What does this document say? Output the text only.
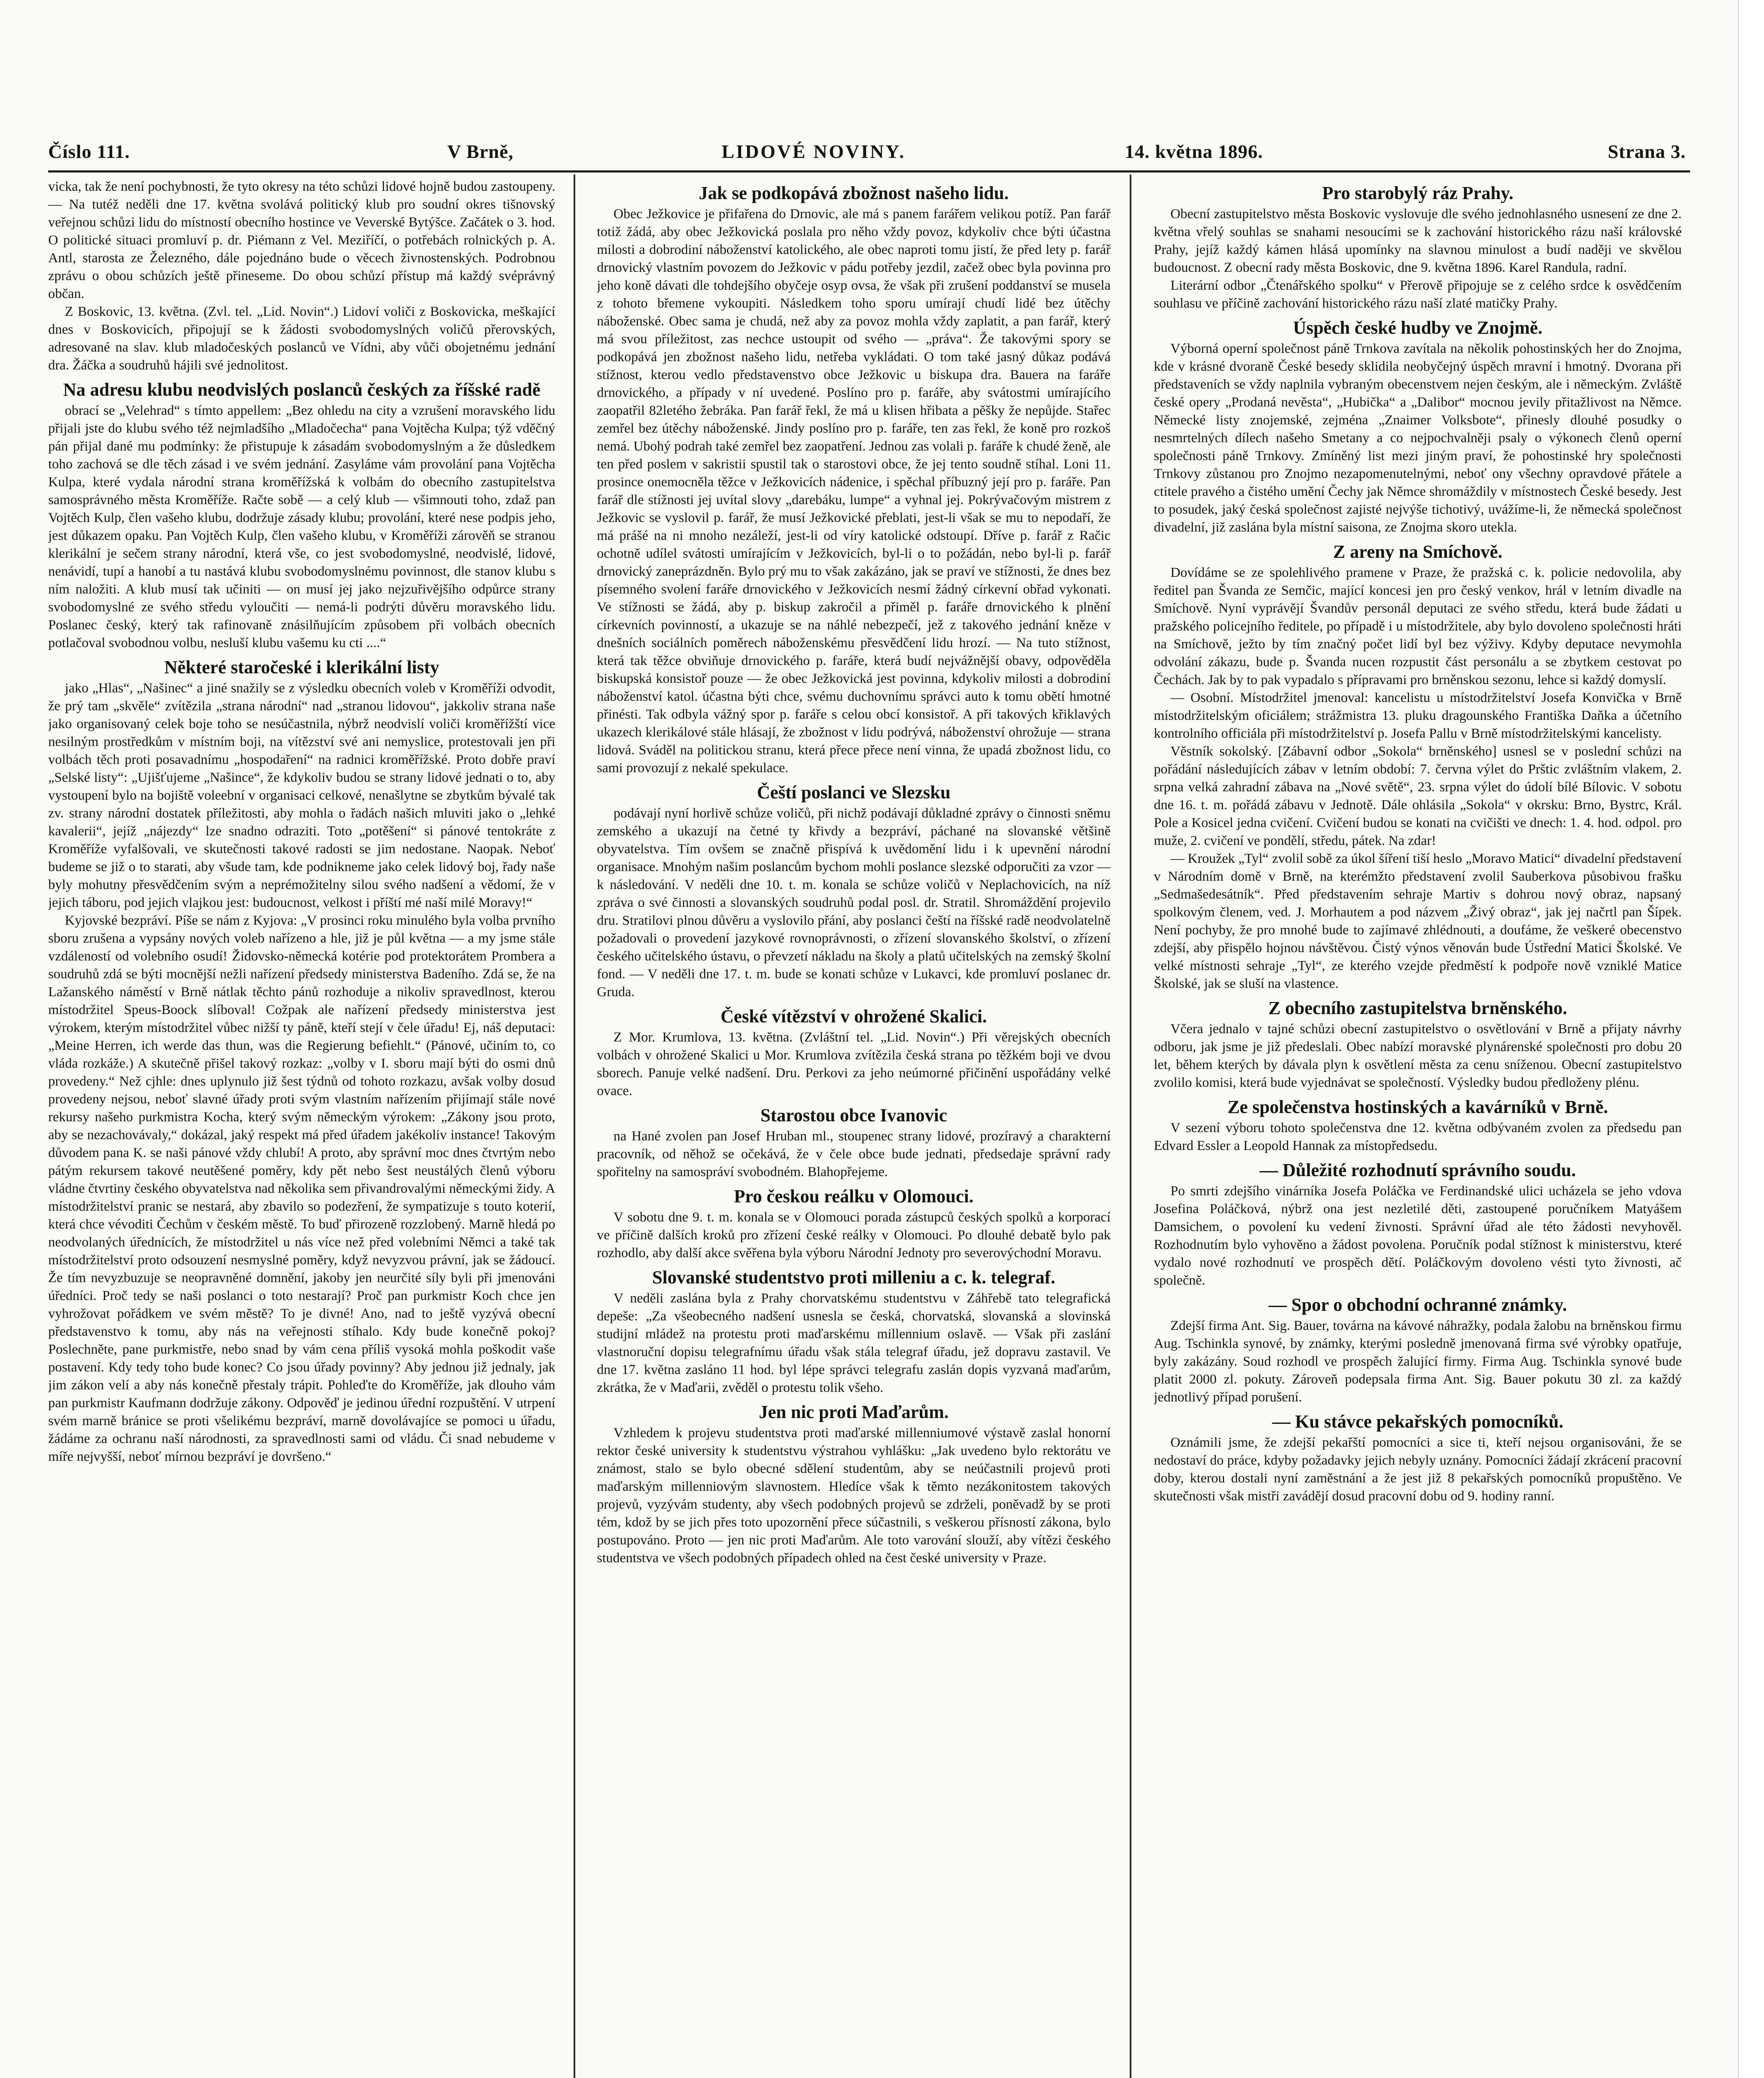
Číslo 111.	V Brně,	LIDOVÉ NOVINY.	14. května 1896.	Strana 3.

vicka, tak že není pochybnosti, že tyto okresy na této schůzi lidové hojně budou zastoupeny. — Na tutéž neděli dne 17. května svolává politický klub pro soudní okres tišnovský veřejnou schůzi lidu do místností obecního hostince ve Veverské Bytýšce. Začátek o 3. hod. O politické situaci promluví p. dr. Piémann z Vel. Meziříčí, o potřebách rolnických p. A. Antl, starosta ze Železného, dále pojednáno bude o věcech živnostenských. Podrobnou zprávu o obou schůzích ještě přineseme. Do obou schůzí přístup má každý svéprávný občan.

Z Boskovic, 13. května. (Zvl. tel. „Lid. Novin“.) Lidoví voliči z Boskovicka, meškající dnes v Boskovicích, připojují se k žádosti svobodomyslných voličů přerovských, adresované na slav. klub mladočeských poslanců ve Vídni, aby vůči obojetnému jednání dra. Žáčka a soudruhů hájili své jednolitost.

Na adresu klubu neodvislých poslanců českých za říšské radě

obrací se „Velehrad“ s tímto appellem: „Bez ohledu na city a vzrušení moravského lidu přijali jste do klubu svého též nejmladšího „Mladočecha“ pana Vojtěcha Kulpa; týž vděčný pán přijal dané mu podmínky: že přistupuje k zásadám svobodomyslným a že důsledkem toho zachová se dle těch zásad i ve svém jednání. Zasyláme vám provolání pana Vojtěcha Kulpa, které vydala národní strana kroměřížská k volbám do obecního zastupitelstva samosprávného města Kroměříže. Račte sobě — a celý klub — všimnouti toho, zdaž pan Vojtěch Kulp, člen vašeho klubu, dodržuje zásady klubu; provolání, které nese podpis jeho, jest důkazem opaku. Pan Vojtěch Kulp, člen vašeho klubu, v Kroměříži zárověň se stranou klerikální je sečem strany národní, která vše, co jest svobodomyslné, neodvislé, lidové, nenávidí, tupí a hanobí a tu nastává klubu svobodomyslnému povinnost, dle stanov klubu s ním naložiti. A klub musí tak učiniti — on musí jej jako nejzuřivějšího odpůrce strany svobodomyslné ze svého středu vyloučiti — nemá-li podrýti důvěru moravského lidu. Poslanec český, který tak rafinovaně znásilňujícím způsobem při volbách obecních potlačoval svobodnou volbu, nesluší klubu vašemu ku cti ....“

Některé staročeské i klerikální listy

jako „Hlas“, „Našinec“ a jiné snažily se z výsledku obecních voleb v Kroměříži odvodit, že prý tam „skvěle“ zvítězila „strana národní“ nad „stranou lidovou“, jakkoliv strana naše jako organisovaný celek boje toho se nesúčastnila, nýbrž neodvislí voliči kroměřížští vice nesilným prostředkům v místním boji, na vítězství své ani nemyslice, protestovali jen při volbách těch proti posavadnímu „hospodaření“ na radnici kroměřížské. Proto dobře praví „Selské listy“: „Ujišťujeme „Našince“, že kdykoliv budou se strany lidové jednati o to, aby vystoupení bylo na bojiště voleební v organisaci celkové, nenašlytne se zbytkům bývalé tak zv. strany národní dostatek příležitosti, aby mohla o řadách našich mluviti jako o „lehké kavalerii“, jejíž „nájezdy“ lze snadno odraziti. Toto „potěšení“ si pánové tentokráte z Kroměříže vyfalšovali, ve skutečnosti takové radosti se jim nedostane. Naopak. Neboť budeme se již o to starati, aby všude tam, kde podnikneme jako celek lidový boj, řady naše byly mohutny přesvědčením svým a neprémožitelny silou svého nadšení a vědomí, že v jejich táboru, pod jejich vlajkou jest: budoucnost, velkost i příští mé naší milé Moravy!“

Kyjovské bezpráví. Píše se nám z Kyjova: „V prosinci roku minulého byla volba prvního sboru zrušena a vypsány nových voleb nařízeno a hle, již je půl května — a my jsme stále vzdáleností od volebního osudí! Židovsko-německá kotérie pod protektorátem Prombera a soudruhů zdá se býti mocnější nežli nařízení předsedy ministerstva Badeního. Zdá se, že na Lažanského náměstí v Brně nátlak těchto pánů rozhoduje a nikoliv spravedlnost, kterou místodržitel Speus-Boock slíboval! Cožpak ale nařízení předsedy ministerstva jest výrokem, kterým místodržitel vůbec nižší ty páně, kteří stejí v čele úřadu! Ej, náš deputaci: „Meine Herren, ich werde das thun, was die Regierung befiehlt.“ (Pánové, učiním to, co vláda rozkáže.) A skutečně přišel takový rozkaz: „volby v I. sboru mají býti do osmi dnů provedeny.“ Než cjhle: dnes uplynulo již šest týdnů od tohoto rozkazu, avšak volby dosud provedeny nejsou, neboť slavné úřady proti svým vlastním nařízením přijímají stále nové rekursy našeho purkmistra Kocha, který svým německým výrokem: „Zákony jsou proto, aby se nezachovávaly,“ dokázal, jaký respekt má před úřadem jakékoliv instance! Takovým důvodem pana K. se naši pánové vždy chlubí! A proto, aby správní moc dnes čtvrtým nebo pátým rekursem takové neutěšené poměry, kdy pět nebo šest neustálých členů výboru vládne čtvrtiny českého obyvatelstva nad několika sem přivandrovalými německými židy. A místodržitelství pranic se nestará, aby zbavilo so podezření, že sympatizuje s touto koterií, která chce vévoditi Čechům v českém městě. To buď přirozeně rozzlobený. Marně hledá po neodvolaných úřednících, že místodržitel u nás více než před volebními Němci a také tak místodržitelství proto odsouzení nesmyslné poměry, když nevyzvou právní, jak se žádoucí. Že tím nevyzbuzuje se neopravněné domnění, jakoby jen neurčité síly byli při jmenováni úředníci. Proč tedy se naši poslanci o toto nestarají? Proč pan purkmistr Koch chce jen vyhrožovat pořádkem ve svém městě? To je divné! Ano, nad to ještě vyzývá obecní představenstvo k tomu, aby nás na veřejnosti stíhalo. Kdy bude konečně pokoj? Poslechněte, pane purkmistře, nebo snad by vám cena příliš vysoká mohla poškodit vaše postavení. Kdy tedy toho bude konec? Co jsou úřady povinny? Aby jednou již jednaly, jak jim zákon velí a aby nás konečně přestaly trápit. Pohleďte do Kroměříže, jak dlouho vám pan purkmistr Kaufmann dodržuje zákony. Odpověď je jedinou úřední rozpuštění. V utrpení svém marně bránice se proti všelikému bezpráví, marně dovolávajíce se pomoci u úřadu, žádáme za ochranu naší národnosti, za spravedlnosti sami od vládu. Či snad nebudeme v míře nejvyšší, neboť mírnou bezpráví je dovršeno.“

Jak se podkopává zbožnost našeho lidu.

Obec Ježkovice je přifařena do Drnovic, ale má s panem farářem velikou potíž. Pan farář totiž žádá, aby obec Ježkovická poslala pro něho vždy povoz, kdykoliv chce býti účastna milosti a dobrodiní náboženství katolického, ale obec naproti tomu jistí, že před lety p. farář drnovický vlastním povozem do Ježkovic v pádu potřeby jezdil, začež obec byla povinna pro jeho koně dávati dle tohdejšího obyčeje osyp ovsa, že však při zrušení poddanství se musela z tohoto břemene vykoupiti. Následkem toho sporu umírají chudí lidé bez útěchy náboženské. Obec sama je chudá, než aby za povoz mohla vždy zaplatit, a pan farář, který má svou příležitost, zas nechce ustoupit od svého — „práva“. Že takovými spory se podkopává jen zbožnost našeho lidu, netřeba vykládati. O tom také jasný důkaz podává stížnost, kterou vedlo představenstvo obce Ježkovic u biskupa dra. Bauera na faráře drnovického, a případy v ní uvedené. Poslíno pro p. faráře, aby svátostmi umírajícího zaopatřil 82letého žebráka. Pan farář řekl, že má u klisen hřibata a pěšky že nepůjde. Stařec zemřel bez útěchy náboženské. Jindy poslíno pro p. faráře, ten zas řekl, že koně pro rozkoš nemá. Ubohý podrah také zemřel bez zaopatření. Jednou zas volali p. faráře k chudé ženě, ale ten před poslem v sakristii spustil tak o starostovi obce, že jej tento soudně stíhal. Loni 11. prosince onemocněla těžce v Ježkovicích nádenice, i spěchal příbuzný její pro p. faráře. Pan farář dle stížnosti jej uvítal slovy „darebáku, lumpe“ a vyhnal jej. Pokrývačovým mistrem z Ježkovic se vyslovil p. farář, že musí Ježkovické přeblati, jest-li však se mu to nepodaří, že má prášé na ni mnoho nezáleží, jest-li od víry katolické odstoupí. Dříve p. farář z Račic ochotně udílel svátosti umírajícím v Ježkovicích, byl-li o to požádán, nebo byl-li p. farář drnovický zaneprázdněn. Bylo prý mu to však zakázáno, jak se praví ve stížnosti, že dnes bez písemného svolení faráře drnovického v Ježkovicích nesmí žádný církevní obřad vykonati. Ve stížnosti se žádá, aby p. biskup zakročil a přiměl p. faráře drnovického k plnění církevních povinností, a ukazuje se na náhlé nebezpečí, jež z takového jednání kněze v dnešních sociálních poměrech náboženskému přesvědčení lidu hrozí. — Na tuto stížnost, která tak těžce obviňuje drnovického p. faráře, která budí nejvážnější obavy, odpověděla biskupská konsistoř pouze — že obec Ježkovická jest povinna, kdykoliv milosti a dobrodiní náboženství katol. účastna býti chce, svému duchovnímu správci auto k tomu obětí hmotné přinésti. Tak odbyla vážný spor p. faráře s celou obcí konsistoř. A při takových křiklavých ukazech klerikálové stále hlásají, že zbožnost v lidu podrývá, náboženství ohrožuje — strana lidová. Sváděl na politickou stranu, která přece přece není vinna, že upadá zbožnost lidu, co sami provozují z nekalé spekulace.

Čeští poslanci ve Slezsku

podávají nyní horlivě schůze voličů, při nichž podávají důkladné zprávy o činnosti sněmu zemského a ukazují na četné ty křivdy a bezpráví, páchané na slovanské většině obyvatelstva. Tím ovšem se značně přispívá k uvědomění lidu i k upevnění národní organisace. Mnohým našim poslancům bychom mohli poslance slezské odporučiti za vzor — k následování. V neděli dne 10. t. m. konala se schůze voličů v Neplachovicích, na níž zpráva o své činnosti a slovanských soudruhů podal posl. dr. Stratil. Shromáždění projevilo dru. Stratilovi plnou důvěru a vyslovilo přání, aby poslanci čeští na říšské radě neodvolatelně požadovali o provedení jazykové rovnoprávnosti, o zřízení slovanského školství, o zřízení českého učitelského ústavu, o převzetí nákladu na školy a platů učitelských na zemský školní fond. — V neděli dne 17. t. m. bude se konati schůze v Lukavci, kde promluví poslanec dr. Gruda.

České vítězství v ohrožené Skalici.

Z Mor. Krumlova, 13. května. (Zvláštní tel. „Lid. Novin“.) Při věrejských obecních volbách v ohrožené Skalici u Mor. Krumlova zvítězila česká strana po těžkém boji ve dvou sborech. Panuje velké nadšení. Dru. Perkovi za jeho neúmorné přičinění uspořádány velké ovace.

Starostou obce Ivanovic

na Hané zvolen pan Josef Hruban ml., stoupenec strany lidové, prozíravý a charakterní pracovník, od něhož se očekává, že v čele obce bude jednati, předsedaje správní rady spořitelny na samospráví svobodném. Blahopřejeme.

Pro českou reálku v Olomouci.

V sobotu dne 9. t. m. konala se v Olomouci porada zástupců českých spolků a korporací ve příčině dalších kroků pro zřízení české reálky v Olomouci. Po dlouhé debatě bylo pak rozhodlo, aby další akce svěřena byla výboru Národní Jednoty pro severovýchodní Moravu.

Slovanské studentstvo proti milleniu a c. k. telegraf.

V neděli zaslána byla z Prahy chorvatskému studentstvu v Záhřebě tato telegrafická depeše: „Za všeobecného nadšení usnesla se česká, chorvatská, slovanská a slovinská studijní mládež na protestu proti maďarskému millennium oslavě. — Však při zaslání vlastnoruční dopisu telegrafnímu úřadu však stála telegraf úřadu, jež dopravu zastavil. Ve dne 17. května zasláno 11 hod. byl lépe správci telegrafu zaslán dopis vyzvaná maďarům, zkrátka, že v Maďarii, zvěděl o protestu tolik všeho.

Jen nic proti Maďarům.

Vzhledem k projevu studentstva proti maďarské millenniumové výstavě zaslal honorní rektor české university k studentstvu výstrahou vyhlášku: „Jak uvedeno bylo rektorátu ve známost, stalo se bylo obecné sdělení studentům, aby se neúčastnili projevů proti maďarským millenniovým slavnostem. Hledíce však k těmto nezákonitostem takových projevů, vyzývám studenty, aby všech podobných projevů se zdrželi, poněvadž by se proti tém, kdož by se jich přes toto upozornění přece súčastnili, s veškerou přísností zákona, bylo postupováno. Proto — jen nic proti Maďarům. Ale toto varování slouží, aby vítězi českého studentstva ve všech podobných případech ohled na čest české university v Praze.

Pro starobylý ráz Prahy.

Obecní zastupitelstvo města Boskovic vyslovuje dle svého jednohlasného usnesení ze dne 2. května vřelý souhlas se snahami nesoucími se k zachování historického rázu naší královské Prahy, jejíž každý kámen hlásá upomínky na slavnou minulost a budí naději ve skvělou budoucnost. Z obecní rady města Boskovic, dne 9. května 1896. Karel Randula, radní.

Literární odbor „Čtenářského spolku“ v Přerově připojuje se z celého srdce k osvědčením souhlasu ve příčině zachování historického rázu naší zlaté matičky Prahy.

Úspěch české hudby ve Znojmě.

Výborná operní společnost páně Trnkova zavítala na několik pohostinských her do Znojma, kde v krásné dvoraně České besedy sklidila neobyčejný úspěch mravní i hmotný. Dvorana při představeních se vždy naplnila vybraným obecenstvem nejen českým, ale i německým. Zvláště české opery „Prodaná nevěsta“, „Hubička“ a „Dalibor“ mocnou jevily přitažlivost na Němce. Německé listy znojemské, zejména „Znaimer Volksbote“, přinesly dlouhé posudky o nesmrtelných dílech našeho Smetany a co nejpochvalněji psaly o výkonech členů operní společnosti páně Trnkovy. Zmíněný list mezi jiným praví, že pohostinské hry společnosti Trnkovy zůstanou pro Znojmo nezapomenutelnými, neboť ony všechny opravdové přátele a ctitele pravého a čistého umění Čechy jak Němce shromáždily v místnostech České besedy. Jest to posudek, jaký česká společnost zajisté nejvýše tichotivý, uvážíme-li, že německá společnost divadelní, již zaslána byla místní saisona, ze Znojma skoro utekla.

Z areny na Smíchově.

Dovídáme se ze spolehlivého pramene v Praze, že pražská c. k. policie nedovolila, aby ředitel pan Švanda ze Semčic, mající koncesi jen pro český venkov, hrál v letním divadle na Smíchově. Nyní vyprávějí Švandův personál deputaci ze svého středu, která bude žádati u pražského policejního ředitele, po případě i u místodržitele, aby bylo dovoleno společnosti hráti na Smíchově, ježto by tím značný počet lidí byl bez výživy. Kdyby deputace nevymohla odvolání zákazu, bude p. Švanda nucen rozpustit část personálu a se zbytkem cestovat po Čechách. Jak by to pak vypadalo s přípravami pro brněnskou sezonu, lehce si každý domyslí.

— Osobní. Místodržitel jmenoval: kancelistu u místodržitelství Josefa Konvička v Brně místodržitelským oficiálem; strážmistra 13. pluku dragounského Františka Daňka a účetního kontrolního officiála při místodržitelství p. Josefa Pallu v Brně místodržitelskými kancelisty.

Věstník sokolský. [Zábavní odbor „Sokola“ brněnského] usnesl se v poslední schůzi na pořádání následujících zábav v letním období: 7. června výlet do Prštic zvláštním vlakem, 2. srpna velká zahradní zábava na „Nové světě“, 23. srpna výlet do údolí bílé Bílovic. V sobotu dne 16. t. m. pořádá zábavu v Jednotě. Dále ohlásila „Sokola“ v okrsku: Brno, Bystrc, Král. Pole a Kosicel jedna cvičení. Cvičení budou se konati na cvičišti ve dnech: 1. 4. hod. odpol. pro muže, 2. cvičení ve pondělí, středu, pátek. Na zdar!

— Kroužek „Tyl“ zvolil sobě za úkol šíření tiší heslo „Moravo Matici“ divadelní představení v Národním domě v Brně, na kterémžto představení zvolil Sauberkova působivou frašku „Sedmašedesátník“. Před představením sehraje Martiv s dohrou nový obraz, napsaný spolkovým členem, ved. J. Morhautem a pod názvem „Živý obraz“, jak jej načrtl pan Šípek. Není pochyby, že pro mnohé bude to zajímavé zhlédnouti, a doufáme, že veškeré obecenstvo zdejší, aby přispělo hojnou návštěvou. Čistý výnos věnován bude Ústřední Matici Školské. Ve velké místnosti sehraje „Tyl“, ze kterého vzejde předměstí k podpoře nově vzniklé Matice Školské, jak se sluší na vlastence.

Z obecního zastupitelstva brněnského.

Včera jednalo v tajné schůzi obecní zastupitelstvo o osvětlování v Brně a přijaty návrhy odboru, jak jsme je již předeslali. Obec nabízí moravské plynárenské společnosti pro dobu 20 let, během kterých by dávala plyn k osvětlení města za cenu sníženou. Obecní zastupitelstvo zvolilo komisi, která bude vyjednávat se společností. Výsledky budou předloženy plénu.

Ze společenstva hostinských a kavárníků v Brně.

V sezení výboru tohoto společenstva dne 12. května odbývaném zvolen za předsedu pan Edvard Essler a Leopold Hannak za místopředsedu.

— Důležité rozhodnutí správního soudu.

Po smrti zdejšího vinárníka Josefa Poláčka ve Ferdinandské ulici ucházela se jeho vdova Josefina Poláčková, nýbrž ona jest nezletilé děti, zastoupené poručníkem Matyášem Damsichem, o povolení ku vedení živnosti. Správní úřad ale této žádosti nevyhověl. Rozhodnutím bylo vyhověno a žádost povolena. Poručník podal stížnost k ministerstvu, které vydalo nové rozhodnutí ve prospěch dětí. Poláčkovým dovoleno vésti tyto živnosti, ač společně.

— Spor o obchodní ochranné známky.

Zdejší firma Ant. Sig. Bauer, továrna na kávové náhražky, podala žalobu na brněnskou firmu Aug. Tschinkla synové, by známky, kterými posledně jmenovaná firma své výrobky opatřuje, byly zakázány. Soud rozhodl ve prospěch žalující firmy. Firma Aug. Tschinkla synové bude platit 2000 zl. pokuty. Zároveň podepsala firma Ant. Sig. Bauer pokutu 30 zl. za každý jednotlivý případ porušení.

— Ku stávce pekařských pomocníků.

Oznámili jsme, že zdejší pekařští pomocníci a sice ti, kteří nejsou organisováni, že se nedostaví do práce, kdyby požadavky jejich nebyly uznány. Pomocníci žádají zkrácení pracovní doby, kterou dostali nyní zaměstnání a že jest již 8 pekařských pomocníků propuštěno. Ve skutečnosti však mistři zavádějí dosud pracovní dobu od 9. hodiny ranní.
